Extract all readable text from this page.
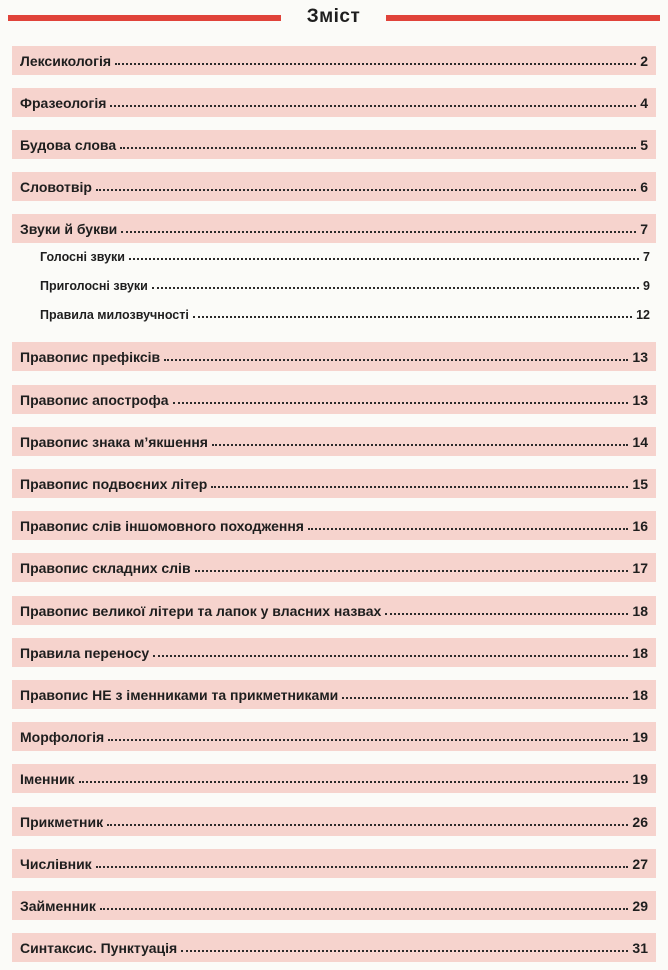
Зміст
Лексикологія	2
Фразеологія	4
Будова слова	5
Словотвір	6
Звуки й букви	7
Голосні звуки	7
Приголосні звуки	9
Правила милозвучності	12
Правопис префіксів	13
Правопис апострофа	13
Правопис знака м’якшення	14
Правопис подвоєних літер	15
Правопис слів іншомовного походження	16
Правопис складних слів	17
Правопис великої літери та лапок у власних назвах	18
Правила переносу	18
Правопис НЕ з іменниками та прикметниками	18
Морфологія	19
Іменник	19
Прикметник	26
Числівник	27
Займенник	29
Синтаксис. Пунктуація	31
